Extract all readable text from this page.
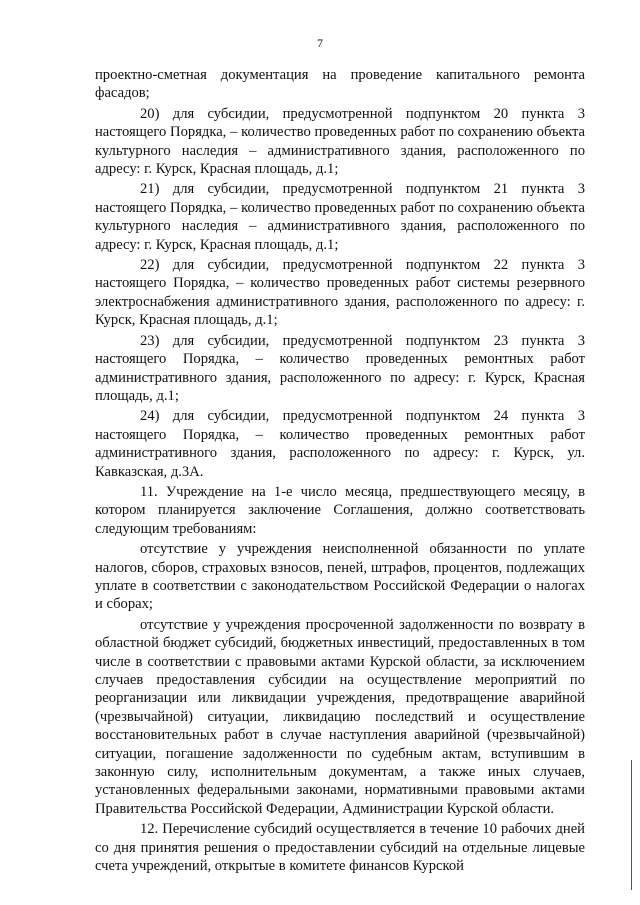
7

проектно-сметная документация на проведение капитального ремонта фасадов;

20) для субсидии, предусмотренной подпунктом 20 пункта 3 настоящего Порядка, – количество проведенных работ по сохранению объекта культурного наследия – административного здания, расположенного по адресу: г. Курск, Красная площадь, д.1;

21) для субсидии, предусмотренной подпунктом 21 пункта 3 настоящего Порядка, – количество проведенных работ по сохранению объекта культурного наследия – административного здания, расположенного по адресу: г. Курск, Красная площадь, д.1;

22) для субсидии, предусмотренной подпунктом 22 пункта 3 настоящего Порядка, – количество проведенных работ системы резервного электроснабжения административного здания, расположенного по адресу: г. Курск, Красная площадь, д.1;

23) для субсидии, предусмотренной подпунктом 23 пункта 3 настоящего Порядка, – количество проведенных ремонтных работ административного здания, расположенного по адресу: г. Курск, Красная площадь, д.1;

24) для субсидии, предусмотренной подпунктом 24 пункта 3 настоящего Порядка, – количество проведенных ремонтных работ административного здания, расположенного по адресу: г. Курск, ул. Кавказская, д.3А.

11. Учреждение на 1-е число месяца, предшествующего месяцу, в котором планируется заключение Соглашения, должно соответствовать следующим требованиям:

отсутствие у учреждения неисполненной обязанности по уплате налогов, сборов, страховых взносов, пеней, штрафов, процентов, подлежащих уплате в соответствии с законодательством Российской Федерации о налогах и сборах;

отсутствие у учреждения просроченной задолженности по возврату в областной бюджет субсидий, бюджетных инвестиций, предоставленных в том числе в соответствии с правовыми актами Курской области, за исключением случаев предоставления субсидии на осуществление мероприятий по реорганизации или ликвидации учреждения, предотвращение аварийной (чрезвычайной) ситуации, ликвидацию последствий и осуществление восстановительных работ в случае наступления аварийной (чрезвычайной) ситуации, погашение задолженности по судебным актам, вступившим в законную силу, исполнительным документам, а также иных случаев, установленных федеральными законами, нормативными правовыми актами Правительства Российской Федерации, Администрации Курской области.

12. Перечисление субсидий осуществляется в течение 10 рабочих дней со дня принятия решения о предоставлении субсидий на отдельные лицевые счета учреждений, открытые в комитете финансов Курской
